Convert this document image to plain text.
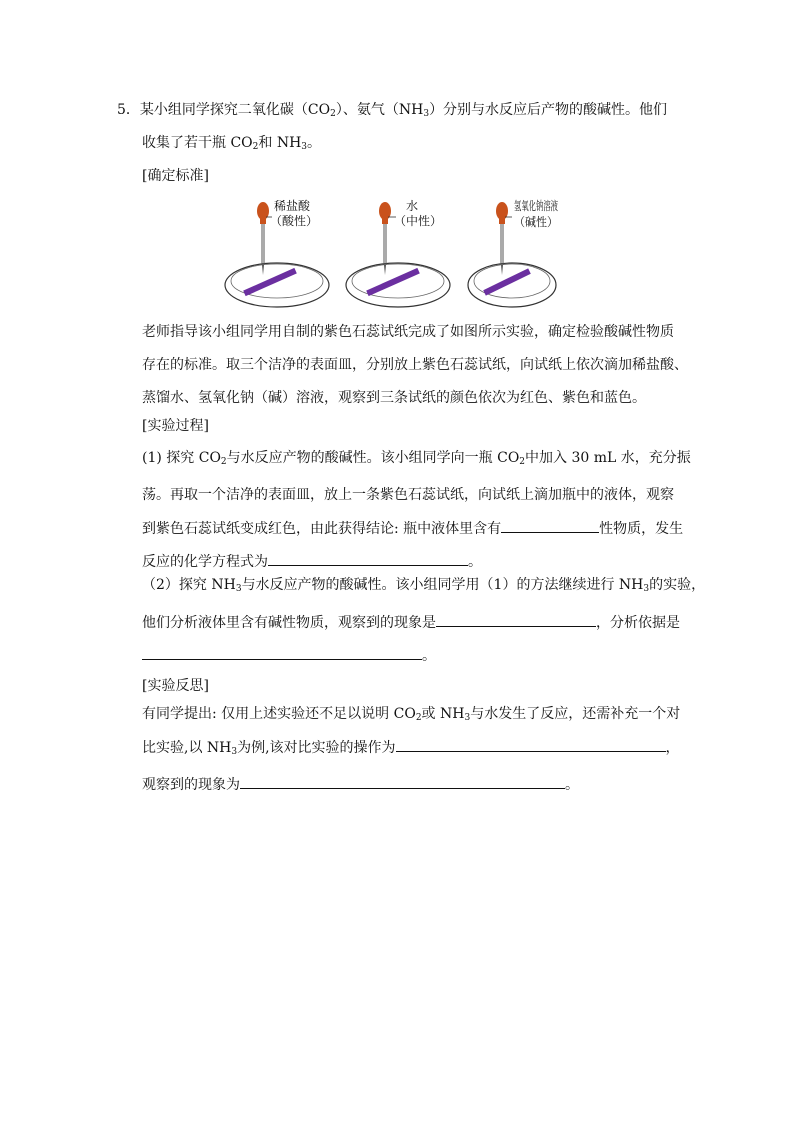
5．某小组同学探究二氧化碳$(CO_2)$、氨气$(NH_3)$分别与水反应后产物的酸碱性。他们
收集了若干瓶 $CO_2$和 $NH_3$。
[确定标准]
稀盐酸
（酸性）
水
（中性）
氢氧化钠溶液
（碱性）
老师指导该小组同学用自制的紫色石蕊试纸完成了如图所示实验，确定检验酸碱性物质
存在的标准。取三个洁净的表面皿，分别放上紫色石蕊试纸，向试纸上依次滴加稀盐酸、
蒸馏水、氢氧化钠（碱）溶液，观察到三条试纸的颜色依次为红色、紫色和蓝色。
[实验过程]
(1) 探究 $CO_2$与水反应产物的酸碱性。该小组同学向一瓶 $CO_2$中加入 30 mL 水，充分振
荡。再取一个洁净的表面皿，放上一条紫色石蕊试纸，向试纸上滴加瓶中的液体，观察
到紫色石蕊试纸变成红色，由此获得结论: 瓶中液体里含有	性物质，发生
反应的化学方程式为	。
（2）探究 $NH_3$与水反应产物的酸碱性。该小组同学用（1）的方法继续进行 $NH_3$的实验，
他们分析液体里含有碱性物质，观察到的现象是	，分析依据是
。
[实验反思]
有同学提出: 仅用上述实验还不足以说明 $CO_2$或 $NH_3$与水发生了反应，还需补充一个对
比实验,以 $NH_3$为例,该对比实验的操作为	，
观察到的现象为	。
